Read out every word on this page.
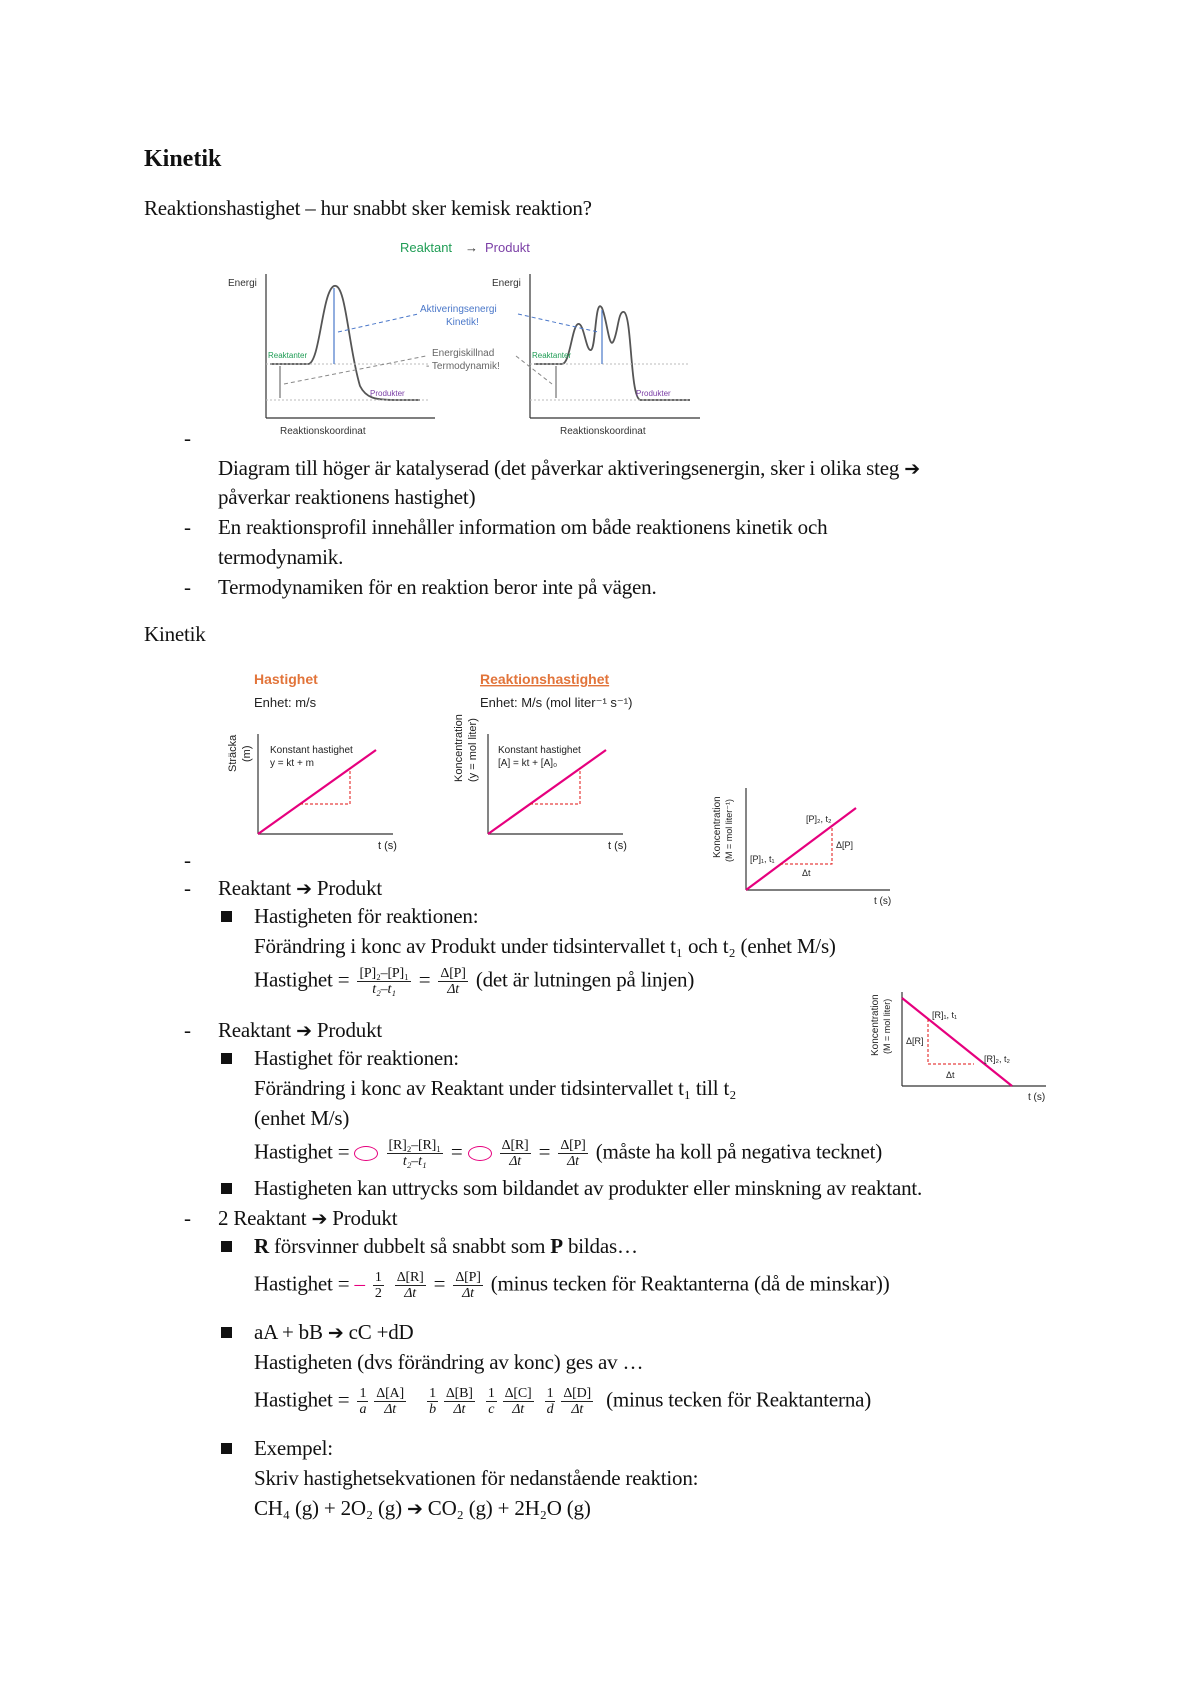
Kinetik
Reaktionshastighet – hur snabbt sker kemisk reaktion?
Reaktant → Produkt
Energi
Reaktanter
Produkter
Reaktionskoordinat
Energi
Reaktanter
Produkter
Reaktionskoordinat
Aktiveringsenergi
Kinetik!
Energiskillnad
- Termodynamik!
-
Diagram till höger är katalyserad (det påverkar aktiveringsenergin, sker i olika steg ➔
påverkar reaktionens hastighet)
- En reaktionsprofil innehåller information om både reaktionens kinetik och
termodynamik.
- Termodynamiken för en reaktion beror inte på vägen.
Kinetik
Hastighet
Enhet: m/s
Sträcka (m) Konstant hastighet
y = kt + m
t (s)
Reaktionshastighet
Enhet: M/s (mol liter⁻¹ s⁻¹)
Koncentration (y = mol liter) Konstant hastighet
[A] = kt + [A]₀
t (s)	Koncentration (M = mol liter⁻¹) [P]₁, t₁
[P]₂, t₂
Δ[P]
Δt
t (s)
-
- Reaktant ➔ Produkt
Hastigheten för reaktionen:
Förändring i konc av Produkt under tidsintervallet t₁ och t₂ (enhet M/s)
Hastighet = $\frac{\text{[P]₂–[P]₁}}{\text{t₂–t₁}} = \frac{\Delta[P]}{\Delta t} (\det$ är lutningen på linjen)
Koncentration (M = mol liter)	[R]₁, t₁
[R]₂, t₂
Δ[R]
Δt
t (s)
- Reaktant ➔ Produkt
Hastighet för reaktionen:
Förändring i konc av Reaktant under tidsintervallet t₁ till t₂
(enhet M/s)
Hastighet =	$\frac{\text{[R]₂–[R]₁}}{\text{t₂–t₁}}$ =	$\frac{\Delta[R]}{\Delta t} = \frac{\Delta[P]}{\Delta t}$ (måste ha koll på negativa tecknet)
Hastigheten kan uttrycks som bildandet av produkter eller minskning av reaktant.
- 2 Reaktant ➔ Produkt
R försvinner dubbelt så snabbt som P bildas…
Hastighet = – $\frac{1}{2}$
$\frac{\Delta[R]}{\Delta t} = \frac{\Delta[P]}{\Delta t}$ (minus tecken för Reaktanterna (då de minskar))
aA + bB ➔ cC +dD
Hastigheten (dvs förändring av konc) ges av …
Hastighet = $\frac{1}{a} \frac{\Delta[A]}{\Delta t}$
$\frac{1}{b} \frac{\Delta[B]}{\Delta t}$
$\frac{1}{c} \frac{\Delta[C]}{\Delta t}$
$\frac{1}{d} \frac{\Delta[D]}{\Delta t}$ (minus tecken för Reaktanterna)
Exempel:
Skriv hastighetsekvationen för nedanstående reaktion:
CH₄ (g) + 2O₂ (g) ➔ CO₂ (g) + 2H₂O (g)
